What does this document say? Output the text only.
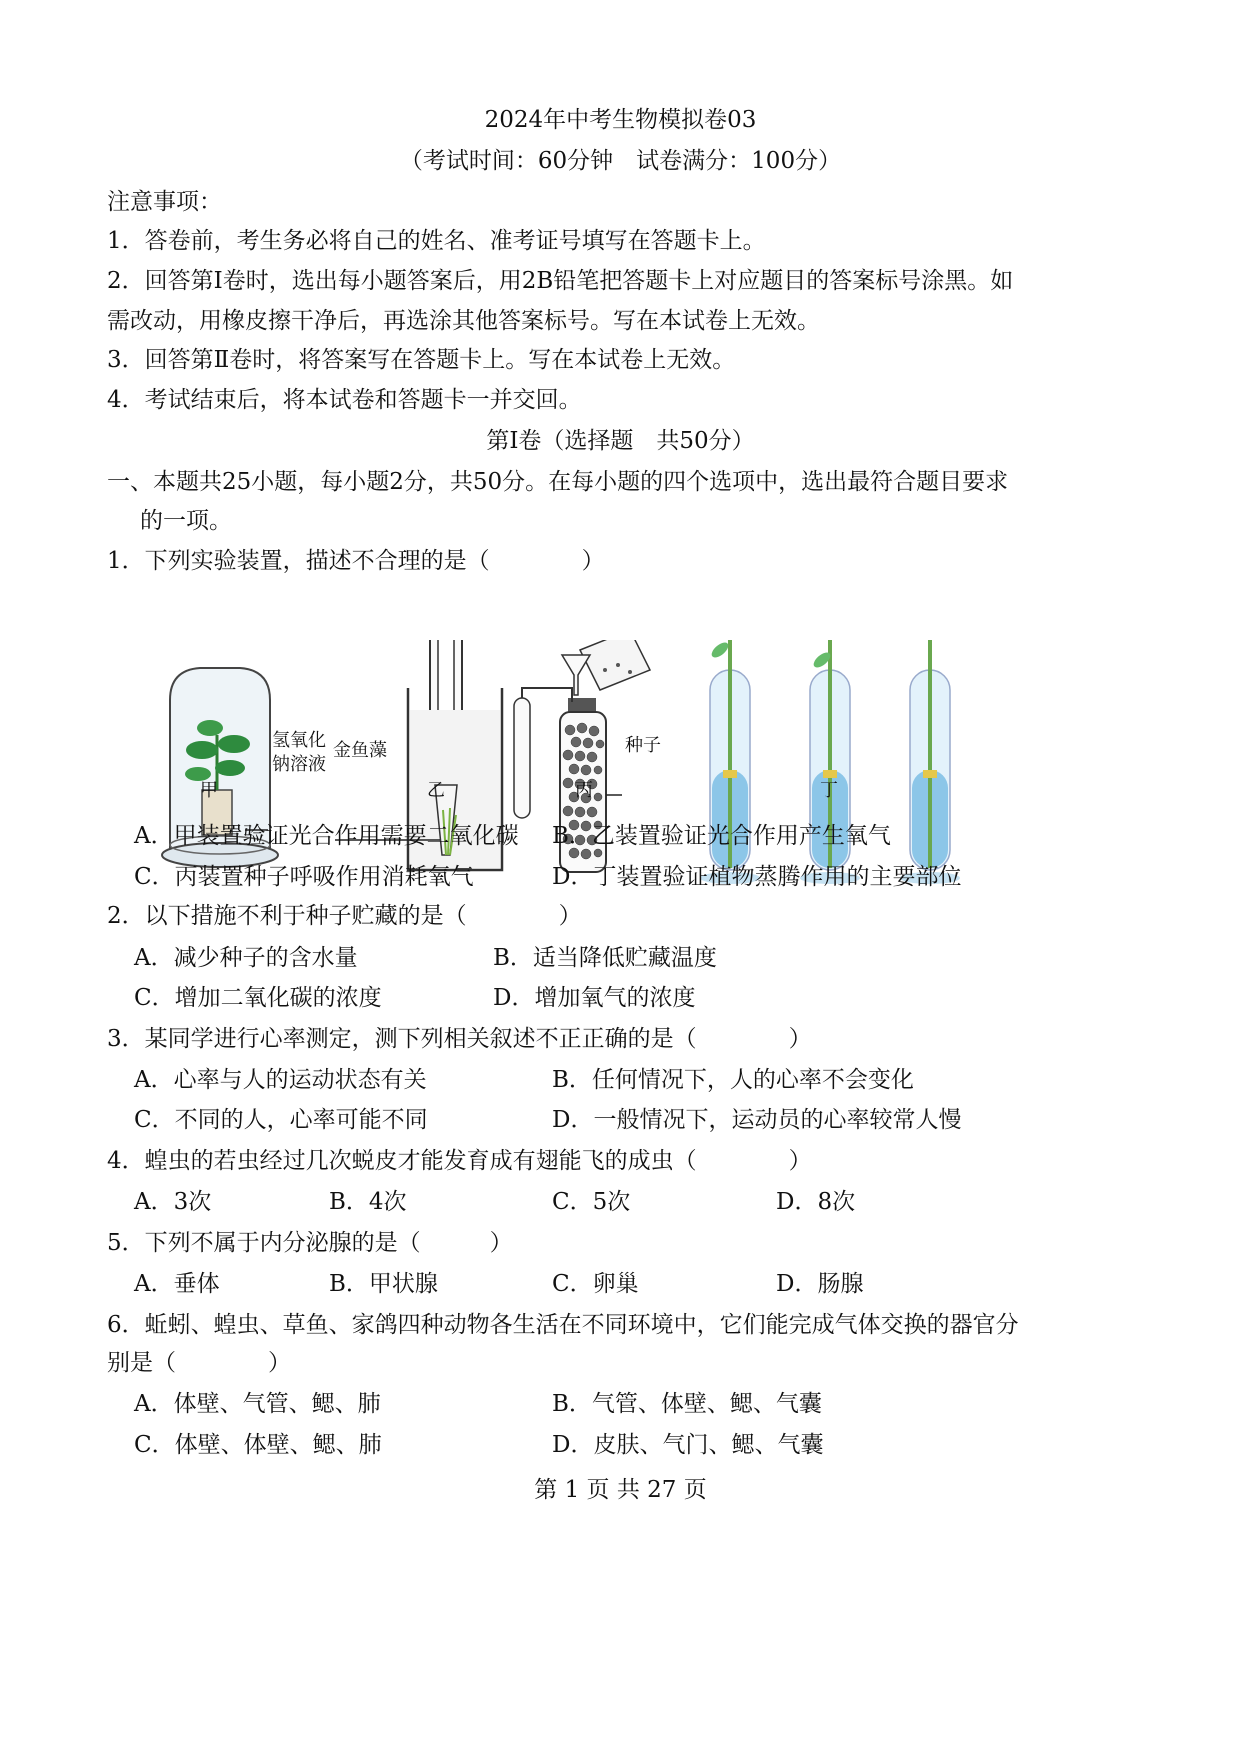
2024年中考生物模拟卷03
（考试时间：60分钟　试卷满分：100分）
注意事项：
1．答卷前，考生务必将自己的姓名、准考证号填写在答题卡上。
2．回答第Ⅰ卷时，选出每小题答案后，用2B铅笔把答题卡上对应题目的答案标号涂黑。如
需改动，用橡皮擦干净后，再选涂其他答案标号。写在本试卷上无效。
3．回答第Ⅱ卷时，将答案写在答题卡上。写在本试卷上无效。
4．考试结束后，将本试卷和答题卡一并交回。
第Ⅰ卷（选择题　共50分）
一、本题共25小题，每小题2分，共50分。在每小题的四个选项中，选出最符合题目要求
的一项。
1．下列实验装置，描述不合理的是（　　　　）
氢氧化
钠溶液
金鱼藻	种子
甲	乙	丙	丁
A．甲装置验证光合作用需要二氧化碳 B．乙装置验证光合作用产生氧气
C．丙装置种子呼吸作用消耗氧气	D．丁装置验证植物蒸腾作用的主要部位
2．以下措施不利于种子贮藏的是（　　　　）
A．减少种子的含水量	B．适当降低贮藏温度
C．增加二氧化碳的浓度	D．增加氧气的浓度
3．某同学进行心率测定，测下列相关叙述不正正确的是（　　　　）
A．心率与人的运动状态有关	B．任何情况下，人的心率不会变化
C．不同的人，心率可能不同	D．一般情况下，运动员的心率较常人慢
4．蝗虫的若虫经过几次蜕皮才能发育成有翅能飞的成虫（　　　　）
A．3次	B．4次	C．5次	D．8次
5．下列不属于内分泌腺的是（　　　）
A．垂体	B．甲状腺	C．卵巢	D．肠腺
6．蚯蚓、蝗虫、草鱼、家鸽四种动物各生活在不同环境中，它们能完成气体交换的器官分
别是（　　　　）
A．体壁、气管、鳃、肺	B．气管、体壁、鳃、气囊
C．体壁、体壁、鳃、肺	D．皮肤、气门、鳃、气囊
第 1 页 共 27 页
